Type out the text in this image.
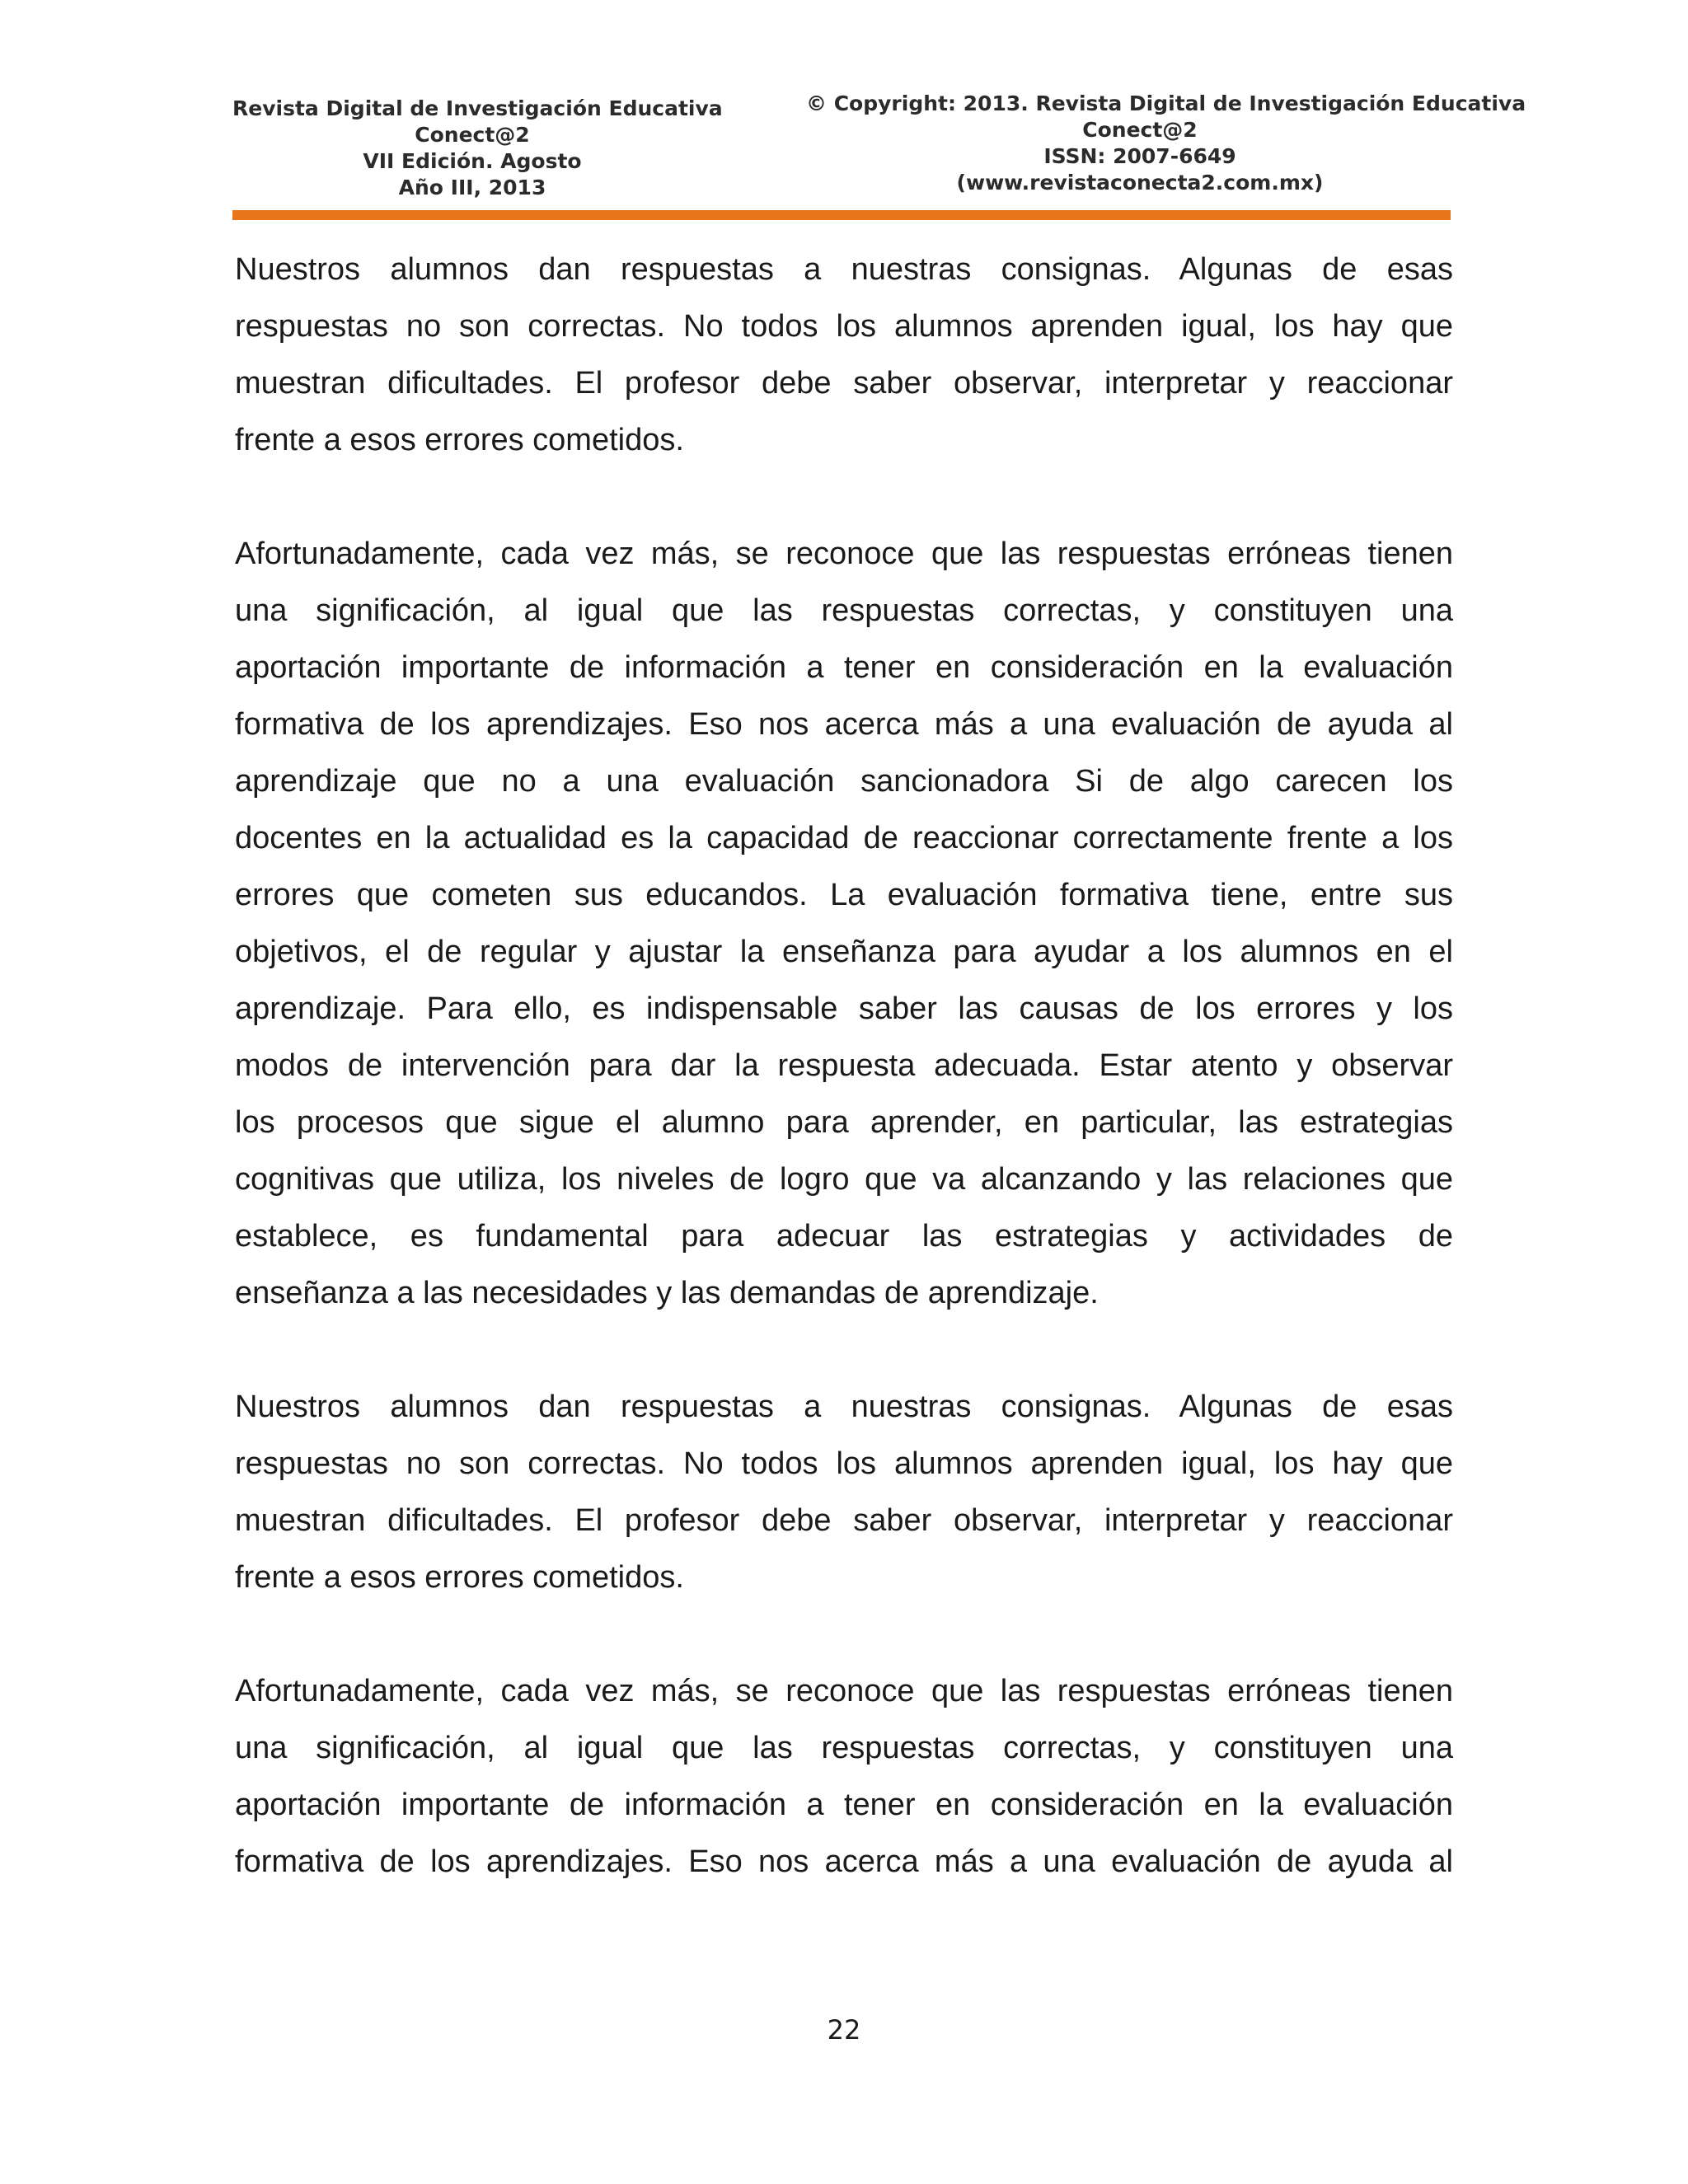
Revista Digital de Investigación Educativa
Conect@2
VII Edición. Agosto
Año III, 2013
© Copyright: 2013. Revista Digital de Investigación Educativa
Conect@2
ISSN: 2007-6649
(www.revistaconecta2.com.mx)
Nuestros alumnos dan respuestas a nuestras consignas. Algunas de esas
respuestas no son correctas. No todos los alumnos aprenden igual, los hay que
muestran dificultades. El profesor debe saber observar, interpretar y reaccionar
frente a esos errores cometidos.
Afortunadamente, cada vez más, se reconoce que las respuestas erróneas tienen
una significación, al igual que las respuestas correctas, y constituyen una
aportación importante de información a tener en consideración en la evaluación
formativa de los aprendizajes. Eso nos acerca más a una evaluación de ayuda al
aprendizaje que no a una evaluación sancionadora Si de algo carecen los
docentes en la actualidad es la capacidad de reaccionar correctamente frente a los
errores que cometen sus educandos. La evaluación formativa tiene, entre sus
objetivos, el de regular y ajustar la enseñanza para ayudar a los alumnos en el
aprendizaje. Para ello, es indispensable saber las causas de los errores y los
modos de intervención para dar la respuesta adecuada. Estar atento y observar
los procesos que sigue el alumno para aprender, en particular, las estrategias
cognitivas que utiliza, los niveles de logro que va alcanzando y las relaciones que
establece, es fundamental para adecuar las estrategias y actividades de
enseñanza a las necesidades y las demandas de aprendizaje.
Nuestros alumnos dan respuestas a nuestras consignas. Algunas de esas
respuestas no son correctas. No todos los alumnos aprenden igual, los hay que
muestran dificultades. El profesor debe saber observar, interpretar y reaccionar
frente a esos errores cometidos.
Afortunadamente, cada vez más, se reconoce que las respuestas erróneas tienen
una significación, al igual que las respuestas correctas, y constituyen una
aportación importante de información a tener en consideración en la evaluación
formativa de los aprendizajes. Eso nos acerca más a una evaluación de ayuda al
22
